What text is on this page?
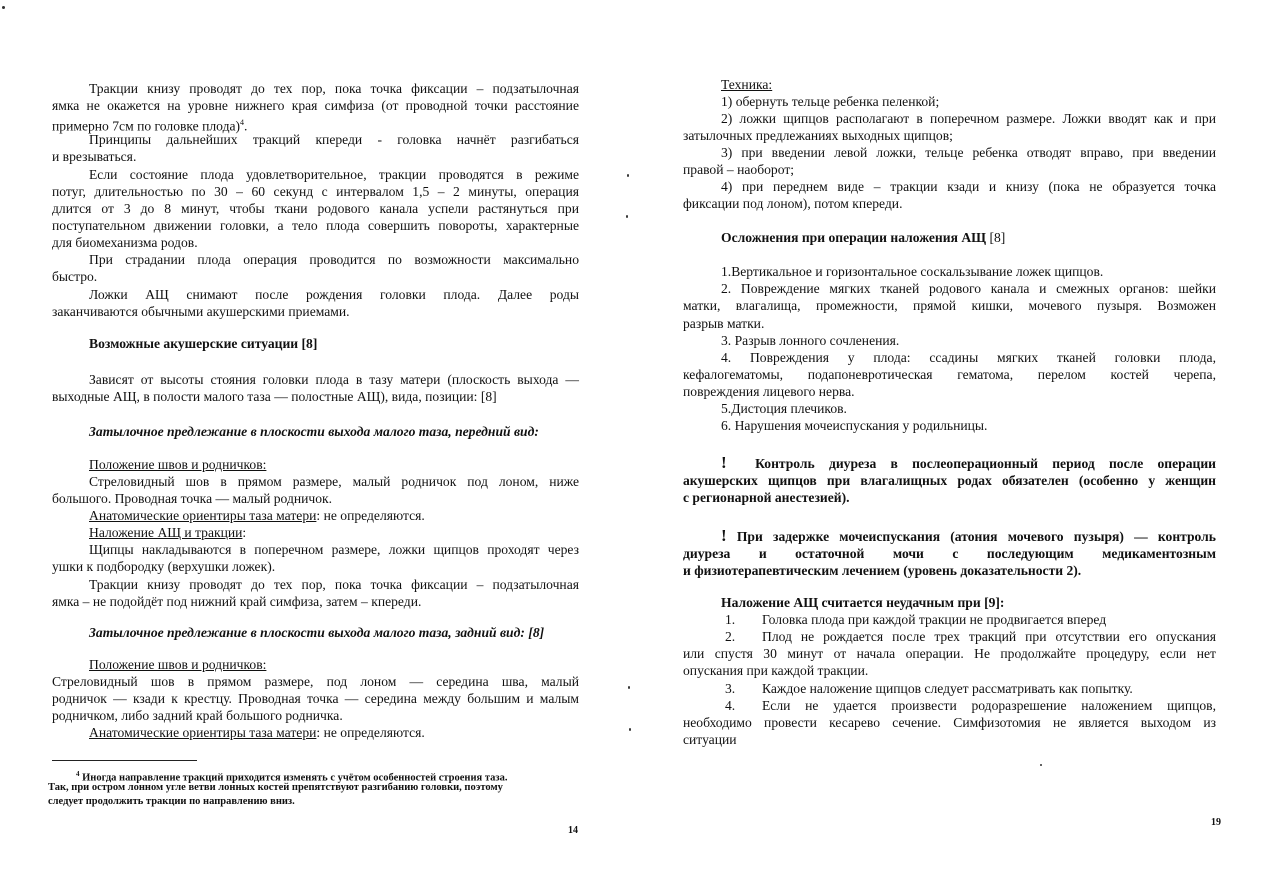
Тракции книзу проводят до тех пор, пока точка фиксации – подзатылочная
ямка не окажется на уровне нижнего края симфиза (от проводной точки расстояние
примерно 7см по головке плода)$^4$.
Принципы дальнейших тракций кпереди - головка начнёт разгибаться
и врезываться.
Если состояние плода удовлетворительное, тракции проводятся в режиме
потуг, длительностью по 30 – 60 секунд с интервалом 1,5 – 2 минуты, операция
длится от 3 до 8 минут, чтобы ткани родового канала успели растянуться при
поступательном движении головки, а тело плода совершить повороты, характерные
для биомеханизма родов.
При страдании плода операция проводится по возможности максимально
быстро.
Ложки АЩ снимают после рождения головки плода. Далее роды
заканчиваются обычными акушерскими приемами.
Возможные акушерские ситуации [8]
Зависят от высоты стояния головки плода в тазу матери (плоскость выхода —
выходные АЩ, в полости малого таза — полостные АЩ), вида, позиции: [8]
Затылочное предлежание в плоскости выхода малого таза, передний вид:
Положение швов и родничков:
Стреловидный шов в прямом размере, малый родничок под лоном, ниже
большого. Проводная точка — малый родничок.
Анатомические ориентиры таза матери: не определяются.
Наложение АЩ и тракции:
Щипцы накладываются в поперечном размере, ложки щипцов проходят через
ушки к подбородку (верхушки ложек).
Тракции книзу проводят до тех пор, пока точка фиксации – подзатылочная
ямка – не подойдёт под нижний край симфиза, затем – кпереди.
Затылочное предлежание в плоскости выхода малого таза, задний вид: [8]
Положение швов и родничков:
Стреловидный шов в прямом размере, под лоном — середина шва, малый
родничок — кзади к крестцу. Проводная точка — середина между большим и малым
родничком, либо задний край большого родничка.
Анатомические ориентиры таза матери: не определяются.
$^4$ Иногда направление тракций приходится изменять с учётом особенностей строения таза.
Так, при остром лонном угле ветви лонных костей препятствуют разгибанию головки, поэтому
следует продолжить тракции по направлению вниз.
14
Техника:
1) обернуть тельце ребенка пеленкой;
2) ложки щипцов располагают в поперечном размере. Ложки вводят как и при
затылочных предлежаниях выходных щипцов;
3) при введении левой ложки, тельце ребенка отводят вправо, при введении
правой – наоборот;
4) при переднем виде – тракции кзади и книзу (пока не образуется точка
фиксации под лоном), потом кпереди.
Осложнения при операции наложения АЩ [8]
1.Вертикальное и горизонтальное соскальзывание ложек щипцов.
2. Повреждение мягких тканей родового канала и смежных органов: шейки
матки, влагалища, промежности, прямой кишки, мочевого пузыря. Возможен
разрыв матки.
3. Разрыв лонного сочленения.
4. Повреждения у плода: ссадины мягких тканей головки плода,
кефалогематомы, подапоневротическая гематома, перелом костей черепа,
повреждения лицевого нерва.
5.Дистоция плечиков.
6. Нарушения мочеиспускания у родильницы.
! Контроль диуреза в послеоперационный период после операции
акушерских щипцов при влагалищных родах обязателен (особенно у женщин
с регионарной анестезией).
! При задержке мочеиспускания (атония мочевого пузыря) — контроль
диуреза и остаточной мочи с последующим медикаментозным
и физиотерапевтическим лечением (уровень доказательности 2).
Наложение АЩ считается неудачным при [9]:
1. Головка плода при каждой тракции не продвигается вперед
2. Плод не рождается после трех тракций при отсутствии его опускания
или спустя 30 минут от начала операции. Не продолжайте процедуру, если нет
опускания при каждой тракции.
3. Каждое наложение щипцов следует рассматривать как попытку.
4. Если не удается произвести родоразрешение наложением щипцов,
необходимо провести кесарево сечение. Симфизотомия не является выходом из
ситуации
19
